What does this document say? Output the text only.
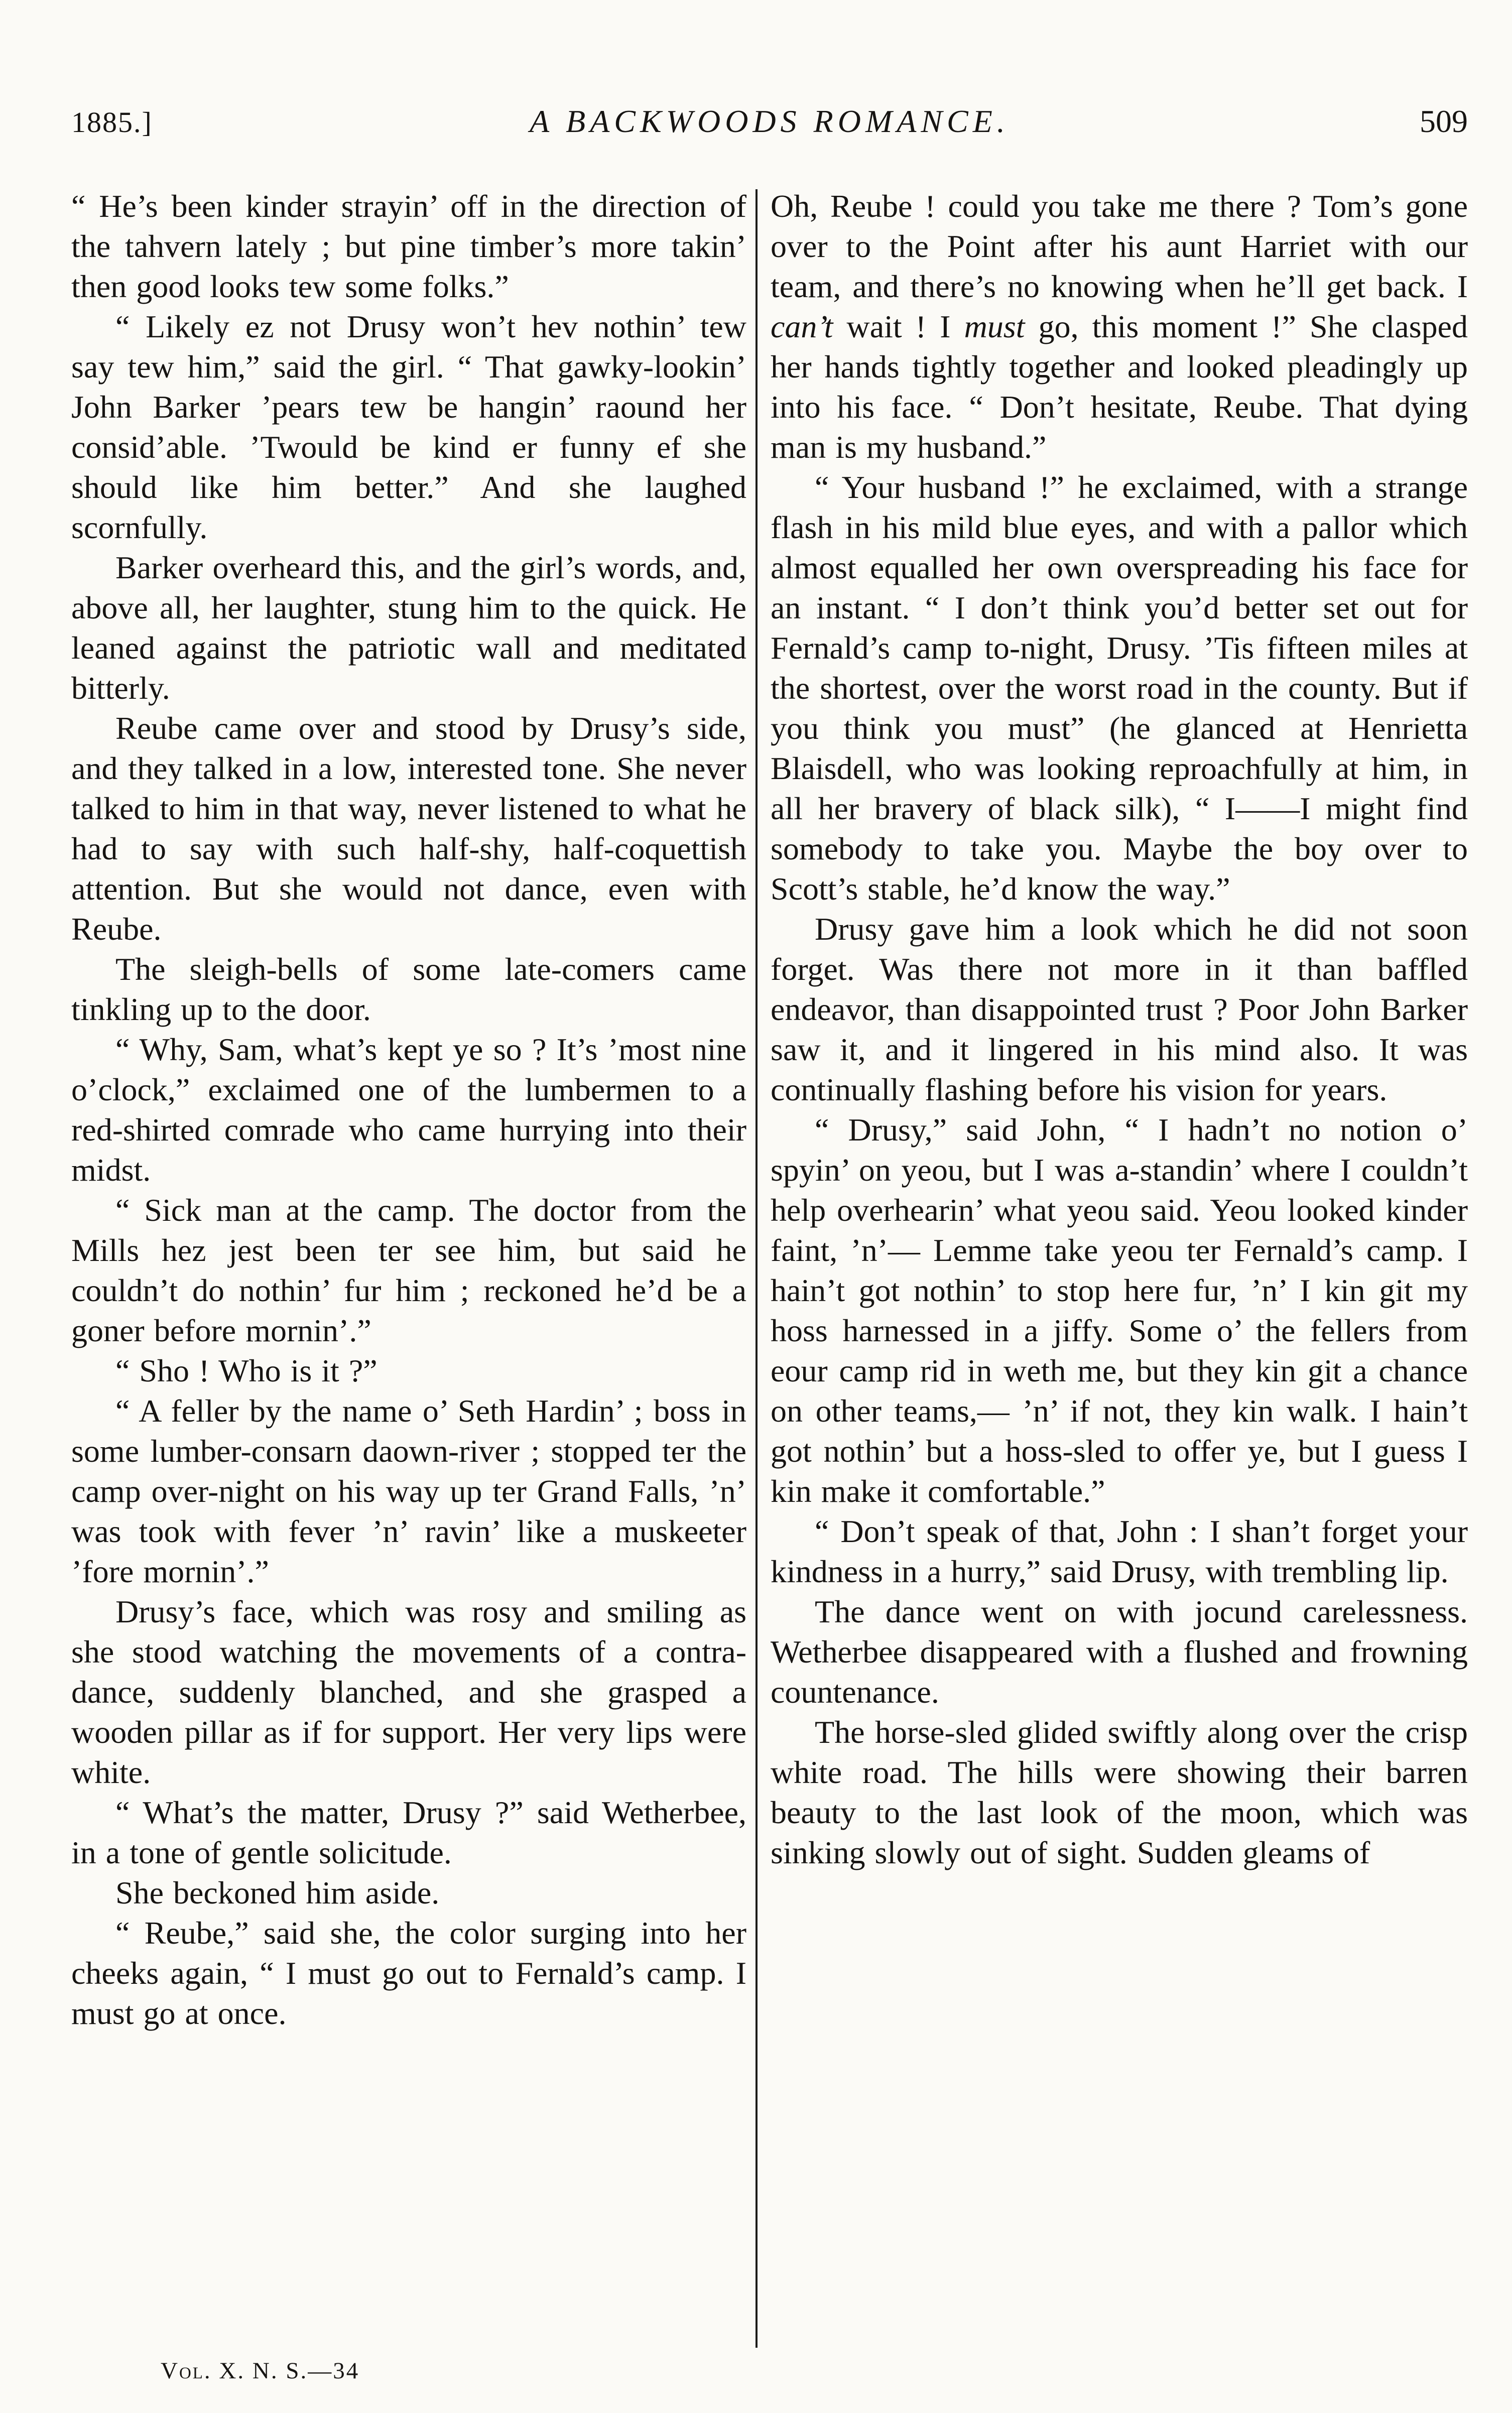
1885.]	A BACKWOODS ROMANCE.	509

“ He’s been kinder strayin’ off in the direction of the tahvern lately ; but pine timber’s more takin’ then good looks tew some folks.”

“ Likely ez not Drusy won’t hev nothin’ tew say tew him,” said the girl. “ That gawky-lookin’ John Barker ’pears tew be hangin’ raound her consid’able. ’Twould be kind er funny ef she should like him better.” And she laughed scornfully.

Barker overheard this, and the girl’s words, and, above all, her laughter, stung him to the quick. He leaned against the patriotic wall and meditated bitterly.

Reube came over and stood by Drusy’s side, and they talked in a low, interested tone. She never talked to him in that way, never listened to what he had to say with such half-shy, half-coquettish attention. But she would not dance, even with Reube.

The sleigh-bells of some late-comers came tinkling up to the door.

“ Why, Sam, what’s kept ye so ? It’s ’most nine o’clock,” exclaimed one of the lumbermen to a red-shirted comrade who came hurrying into their midst.

“ Sick man at the camp. The doctor from the Mills hez jest been ter see him, but said he couldn’t do nothin’ fur him ; reckoned he’d be a goner before mornin’.”

“ Sho ! Who is it ?”

“ A feller by the name o’ Seth Hardin’ ; boss in some lumber-consarn daown-river ; stopped ter the camp over-night on his way up ter Grand Falls, ’n’ was took with fever ’n’ ravin’ like a muskeeter ’fore mornin’.”

Drusy’s face, which was rosy and smiling as she stood watching the movements of a contra-dance, suddenly blanched, and she grasped a wooden pillar as if for support. Her very lips were white.

“ What’s the matter, Drusy ?” said Wetherbee, in a tone of gentle solicitude.

She beckoned him aside.

“ Reube,” said she, the color surging into her cheeks again, “ I must go out to Fernald’s camp. I must go at once.

Oh, Reube ! could you take me there ? Tom’s gone over to the Point after his aunt Harriet with our team, and there’s no knowing when he’ll get back. I can’t wait ! I must go, this moment !” She clasped her hands tightly together and looked pleadingly up into his face. “ Don’t hesitate, Reube. That dying man is my husband.”

“ Your husband !” he exclaimed, with a strange flash in his mild blue eyes, and with a pallor which almost equalled her own overspreading his face for an instant. “ I don’t think you’d better set out for Fernald’s camp to-night, Drusy. ’Tis fifteen miles at the shortest, over the worst road in the county. But if you think you must” (he glanced at Henrietta Blaisdell, who was looking reproachfully at him, in all her bravery of black silk), “ I——I might find somebody to take you. Maybe the boy over to Scott’s stable, he’d know the way.”

Drusy gave him a look which he did not soon forget. Was there not more in it than baffled endeavor, than disappointed trust ? Poor John Barker saw it, and it lingered in his mind also. It was continually flashing before his vision for years.

“ Drusy,” said John, “ I hadn’t no notion o’ spyin’ on yeou, but I was a-standin’ where I couldn’t help overhearin’ what yeou said. Yeou looked kinder faint, ’n’— Lemme take yeou ter Fernald’s camp. I hain’t got nothin’ to stop here fur, ’n’ I kin git my hoss harnessed in a jiffy. Some o’ the fellers from eour camp rid in weth me, but they kin git a chance on other teams,— ’n’ if not, they kin walk. I hain’t got nothin’ but a hoss-sled to offer ye, but I guess I kin make it comfortable.”

“ Don’t speak of that, John : I shan’t forget your kindness in a hurry,” said Drusy, with trembling lip.

The dance went on with jocund carelessness. Wetherbee disappeared with a flushed and frowning countenance.

The horse-sled glided swiftly along over the crisp white road. The hills were showing their barren beauty to the last look of the moon, which was sinking slowly out of sight. Sudden gleams of

Vol. X. N. S.—34
